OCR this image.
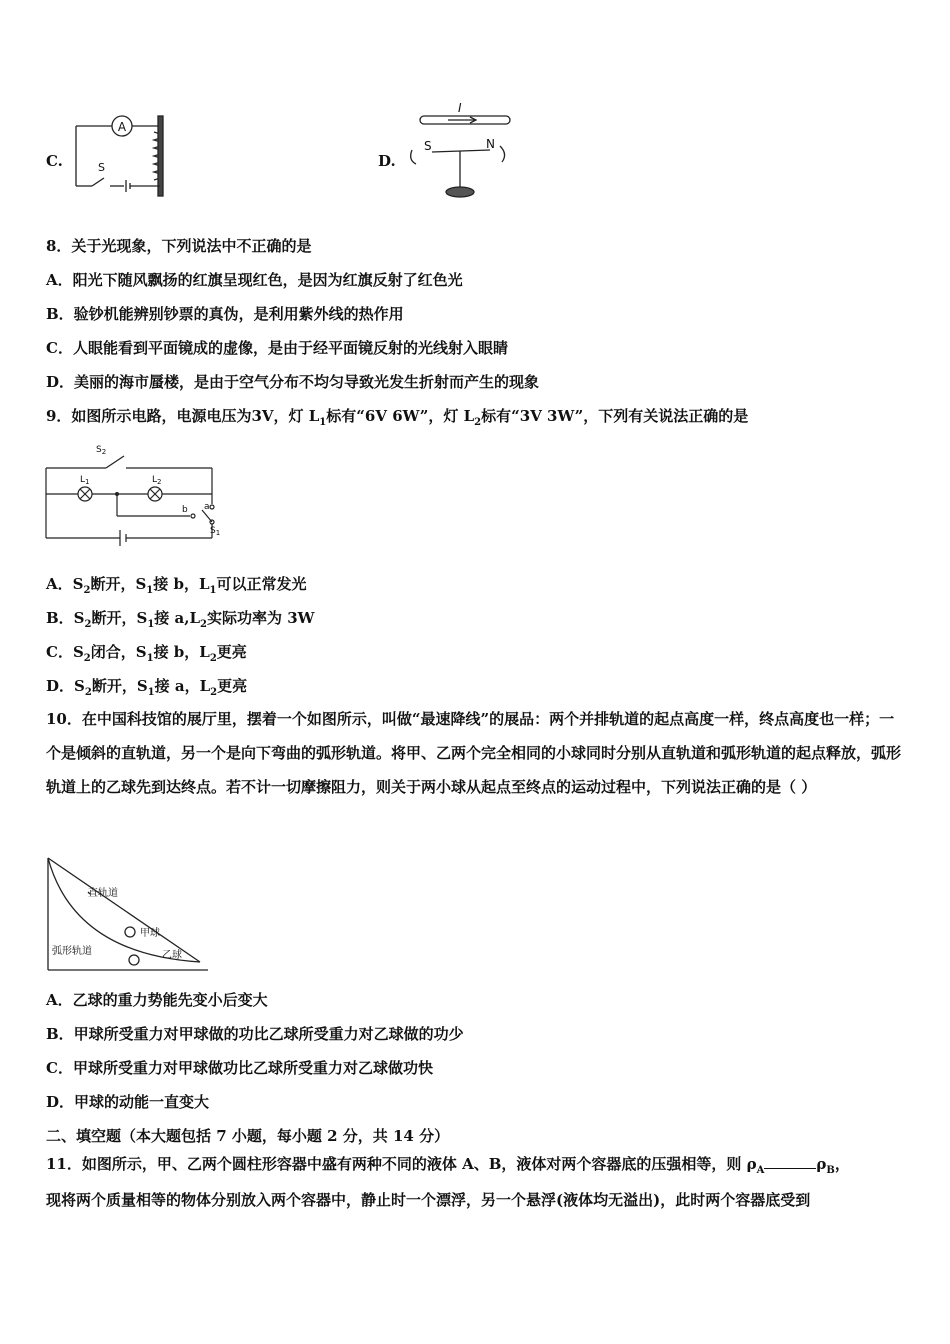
C.
A
S	D.
I
S	N
8．关于光现象，下列说法中不正确的是
A．阳光下随风飘扬的红旗呈现红色，是因为红旗反射了红色光
B．验钞机能辨别钞票的真伪，是利用紫外线的热作用
C．人眼能看到平面镜成的虚像，是由于经平面镜反射的光线射入眼睛
D．美丽的海市蜃楼，是由于空气分布不均匀导致光发生折射而产生的现象
9．如图所示电路，电源电压为3V，灯 $L_1$标有“6V 6W”，灯 $L_2$标有“3V 3W”，下列有关说法正确的是
$S_2$
$L_1$	$L_2$
b a
$S_1$
A．$S_2$断开，$S_1$接 b，$L_1$可以正常发光
B．$S_2$断开，$S_1$接 $a,L_2$实际功率为 3W
C．$S_2$闭合，$S_1$接 b，$L_2$更亮
D．$S_2$断开，$S_1$接 a，$L_2$更亮
10．在中国科技馆的展厅里，摆着一个如图所示，叫做“最速降线”的展品：两个并排轨道的起点高度一样，终点高度也一样；一个是倾斜的直轨道，另一个是向下弯曲的弧形轨道。将甲、乙两个完全相同的小球同时分别从直轨道和弧形轨道的起点释放，弧形轨道上的乙球先到达终点。若不计一切摩擦阻力，则关于两小球从起点至终点的运动过程中，下列说法正确的是（ ）
直轨道
甲球
弧形轨道	乙球
A．乙球的重力势能先变小后变大
B．甲球所受重力对甲球做的功比乙球所受重力对乙球做的功少
C．甲球所受重力对甲球做功比乙球所受重力对乙球做功快
D．甲球的动能一直变大
二、填空题（本大题包括 7 小题，每小题 2 分，共 14 分）
11．如图所示，甲、乙两个圆柱形容器中盛有两种不同的液体 A、B，液体对两个容器底的压强相等，则 $\rho_A$	$\rho_B$，
现将两个质量相等的物体分别放入两个容器中，静止时一个漂浮，另一个悬浮(液体均无溢出)，此时两个容器底受到
